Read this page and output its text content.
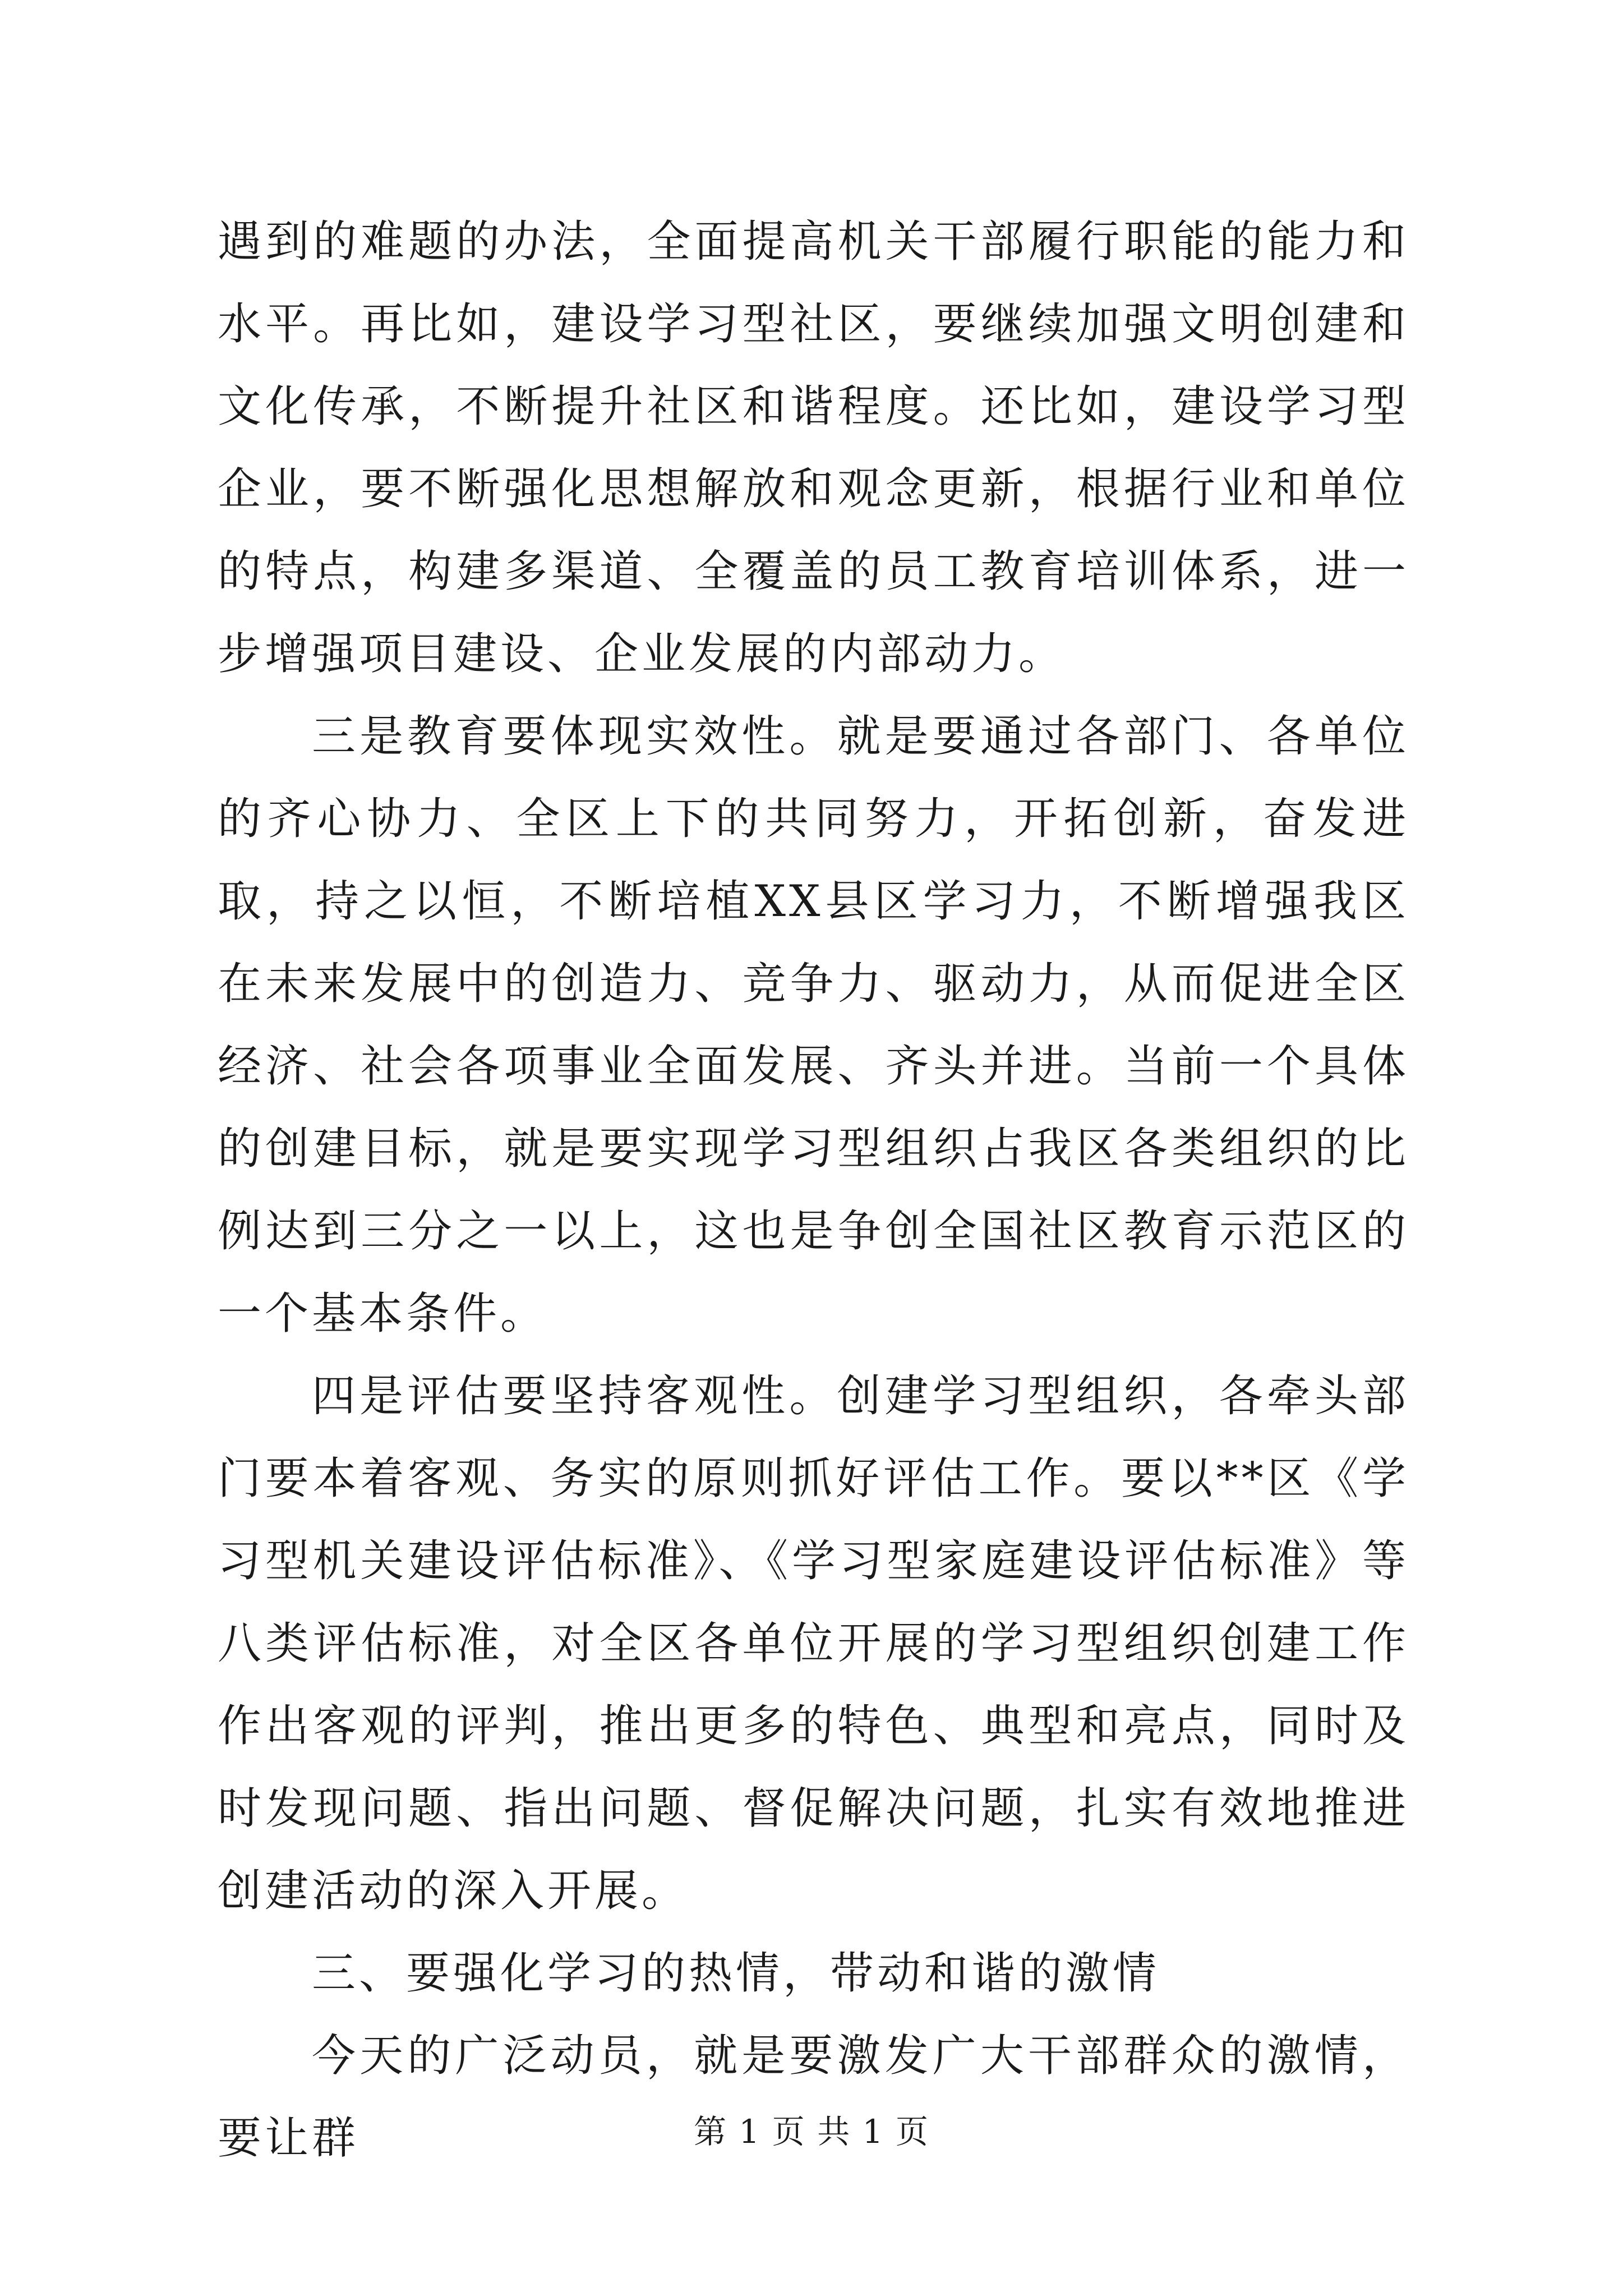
遇到的难题的办法，全面提高机关干部履行职能的能力和水平。再比如，建设学习型社区，要继续加强文明创建和文化传承，不断提升社区和谐程度。还比如，建设学习型企业，要不断强化思想解放和观念更新，根据行业和单位的特点，构建多渠道、全覆盖的员工教育培训体系，进一步增强项目建设、企业发展的内部动力。

三是教育要体现实效性。就是要通过各部门、各单位的齐心协力、全区上下的共同努力，开拓创新，奋发进取，持之以恒，不断培植XX县区学习力，不断增强我区在未来发展中的创造力、竞争力、驱动力，从而促进全区经济、社会各项事业全面发展、齐头并进。当前一个具体的创建目标，就是要实现学习型组织占我区各类组织的比例达到三分之一以上，这也是争创全国社区教育示范区的一个基本条件。

四是评估要坚持客观性。创建学习型组织，各牵头部门要本着客观、务实的原则抓好评估工作。要以**区《学习型机关建设评估标准》、《学习型家庭建设评估标准》等八类评估标准，对全区各单位开展的学习型组织创建工作作出客观的评判，推出更多的特色、典型和亮点，同时及时发现问题、指出问题、督促解决问题，扎实有效地推进创建活动的深入开展。

三、要强化学习的热情，带动和谐的激情

今天的广泛动员，就是要激发广大干部群众的激情，要让群	第 1 页 共 1 页
